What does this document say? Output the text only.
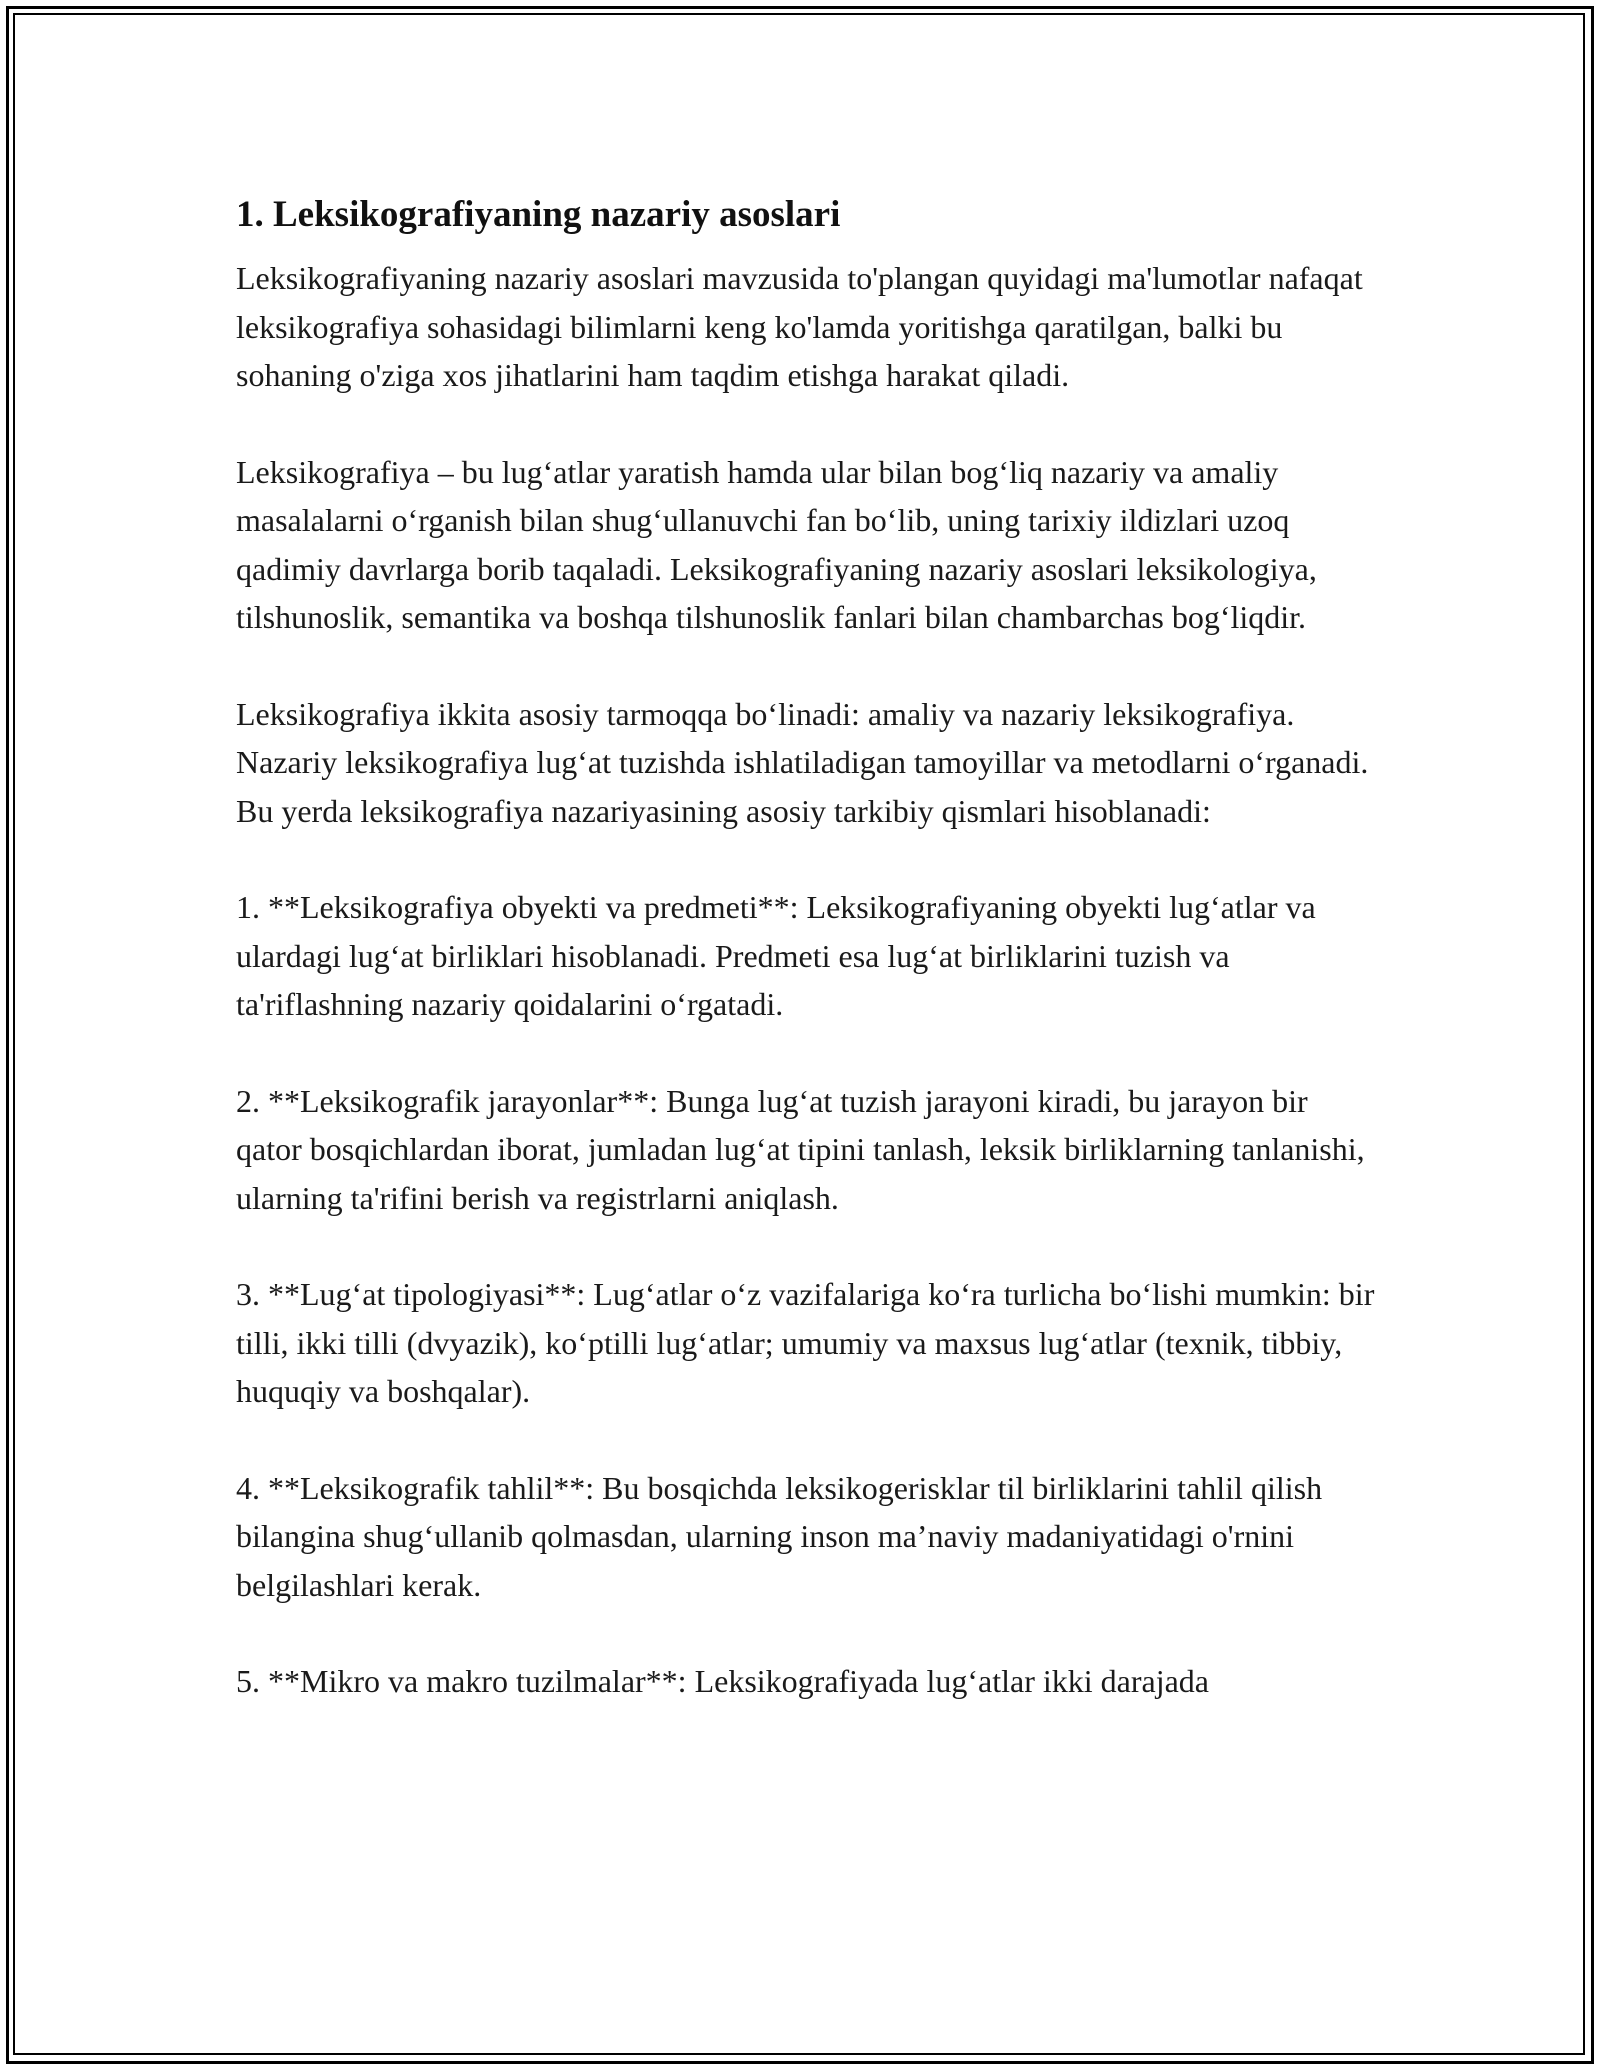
1. Leksikografiyaning nazariy asoslari

Leksikografiyaning nazariy asoslari mavzusida to'plangan quyidagi ma'lumotlar nafaqat leksikografiya sohasidagi bilimlarni keng ko'lamda yoritishga qaratilgan, balki bu sohaning o'ziga xos jihatlarini ham taqdim etishga harakat qiladi.

Leksikografiya – bu lug‘atlar yaratish hamda ular bilan bog‘liq nazariy va amaliy masalalarni o‘rganish bilan shug‘ullanuvchi fan bo‘lib, uning tarixiy ildizlari uzoq qadimiy davrlarga borib taqaladi. Leksikografiyaning nazariy asoslari leksikologiya, tilshunoslik, semantika va boshqa tilshunoslik fanlari bilan chambarchas bog‘liqdir.

Leksikografiya ikkita asosiy tarmoqqa bo‘linadi: amaliy va nazariy leksikografiya. Nazariy leksikografiya lug‘at tuzishda ishlatiladigan tamoyillar va metodlarni o‘rganadi. Bu yerda leksikografiya nazariyasining asosiy tarkibiy qismlari hisoblanadi:

1. **Leksikografiya obyekti va predmeti**: Leksikografiyaning obyekti lug‘atlar va ulardagi lug‘at birliklari hisoblanadi. Predmeti esa lug‘at birliklarini tuzish va ta'riflashning nazariy qoidalarini o‘rgatadi.

2. **Leksikografik jarayonlar**: Bunga lug‘at tuzish jarayoni kiradi, bu jarayon bir qator bosqichlardan iborat, jumladan lug‘at tipini tanlash, leksik birliklarning tanlanishi, ularning ta'rifini berish va registrlarni aniqlash.

3. **Lug‘at tipologiyasi**: Lug‘atlar o‘z vazifalariga ko‘ra turlicha bo‘lishi mumkin: bir tilli, ikki tilli (dvyazik), ko‘ptilli lug‘atlar; umumiy va maxsus lug‘atlar (texnik, tibbiy, huquqiy va boshqalar).

4. **Leksikografik tahlil**: Bu bosqichda leksikogerisklar til birliklarini tahlil qilish bilangina shug‘ullanib qolmasdan, ularning inson ma’naviy madaniyatidagi o'rnini belgilashlari kerak.

5. **Mikro va makro tuzilmalar**: Leksikografiyada lug‘atlar ikki darajada
